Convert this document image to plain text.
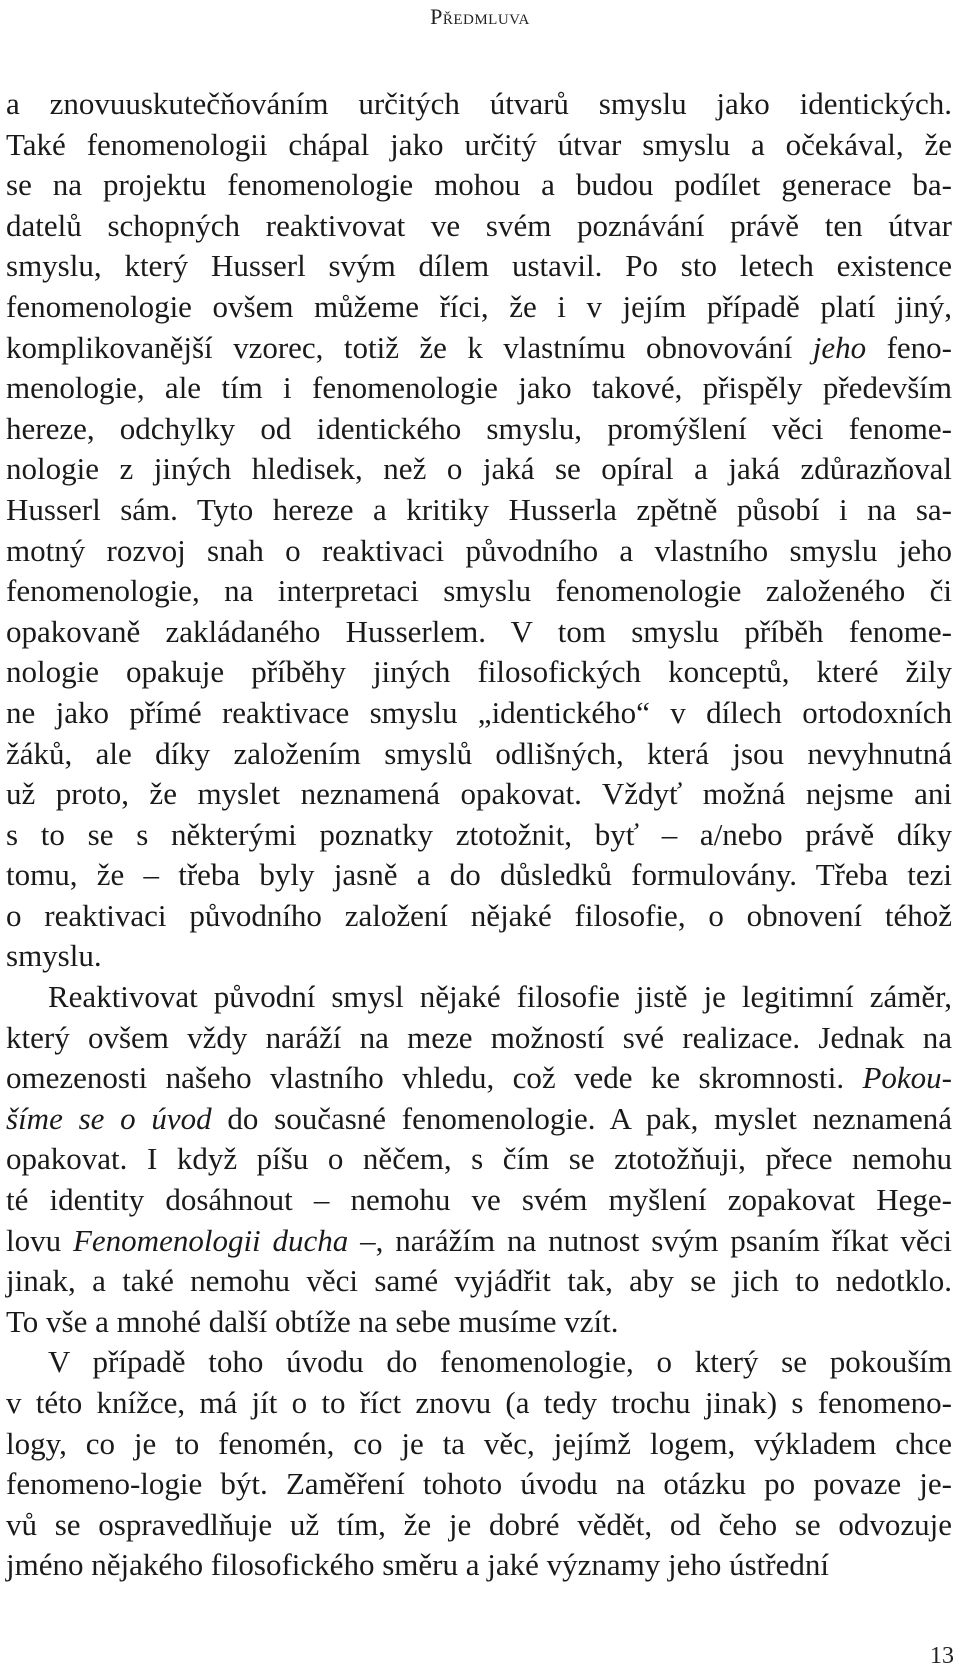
Předmluva
a znovuuskutečňováním určitých útvarů smyslu jako identických.
Také fenomenologii chápal jako určitý útvar smyslu a očekával, že
se na projektu fenomenologie mohou a budou podílet generace ba-
datelů schopných reaktivovat ve svém poznávání právě ten útvar
smyslu, který Husserl svým dílem ustavil. Po sto letech existence
fenomenologie ovšem můžeme říci, že i v jejím případě platí jiný,
komplikovanější vzorec, totiž že k vlastnímu obnovování jeho feno-
menologie, ale tím i fenomenologie jako takové, přispěly především
hereze, odchylky od identického smyslu, promýšlení věci fenome-
nologie z jiných hledisek, než o jaká se opíral a jaká zdůrazňoval
Husserl sám. Tyto hereze a kritiky Husserla zpětně působí i na sa-
motný rozvoj snah o reaktivaci původního a vlastního smyslu jeho
fenomenologie, na interpretaci smyslu fenomenologie založeného či
opakovaně zakládaného Husserlem. V tom smyslu příběh fenome-
nologie opakuje příběhy jiných filosofických konceptů, které žily
ne jako přímé reaktivace smyslu „identického“ v dílech ortodoxních
žáků, ale díky založením smyslů odlišných, která jsou nevyhnutná
už proto, že myslet neznamená opakovat. Vždyť možná nejsme ani
s to se s některými poznatky ztotožnit, byť – a/nebo právě díky
tomu, že – třeba byly jasně a do důsledků formulovány. Třeba tezi
o reaktivaci původního založení nějaké filosofie, o obnovení téhož
smyslu.
Reaktivovat původní smysl nějaké filosofie jistě je legitimní záměr,
který ovšem vždy naráží na meze možností své realizace. Jednak na
omezenosti našeho vlastního vhledu, což vede ke skromnosti. Pokou-
šíme se o úvod do současné fenomenologie. A pak, myslet neznamená
opakovat. I když píšu o něčem, s čím se ztotožňuji, přece nemohu
té identity dosáhnout – nemohu ve svém myšlení zopakovat Hege-
lovu Fenomenologii ducha –, narážím na nutnost svým psaním říkat věci
jinak, a také nemohu věci samé vyjádřit tak, aby se jich to nedotklo.
To vše a mnohé další obtíže na sebe musíme vzít.
V případě toho úvodu do fenomenologie, o který se pokouším
v této knížce, má jít o to říct znovu (a tedy trochu jinak) s fenomeno-
logy, co je to fenomén, co je ta věc, jejímž logem, výkladem chce
fenomeno-logie být. Zaměření tohoto úvodu na otázku po povaze je-
vů se ospravedlňuje už tím, že je dobré vědět, od čeho se odvozuje
jméno nějakého filosofického směru a jaké významy jeho ústřední
13
